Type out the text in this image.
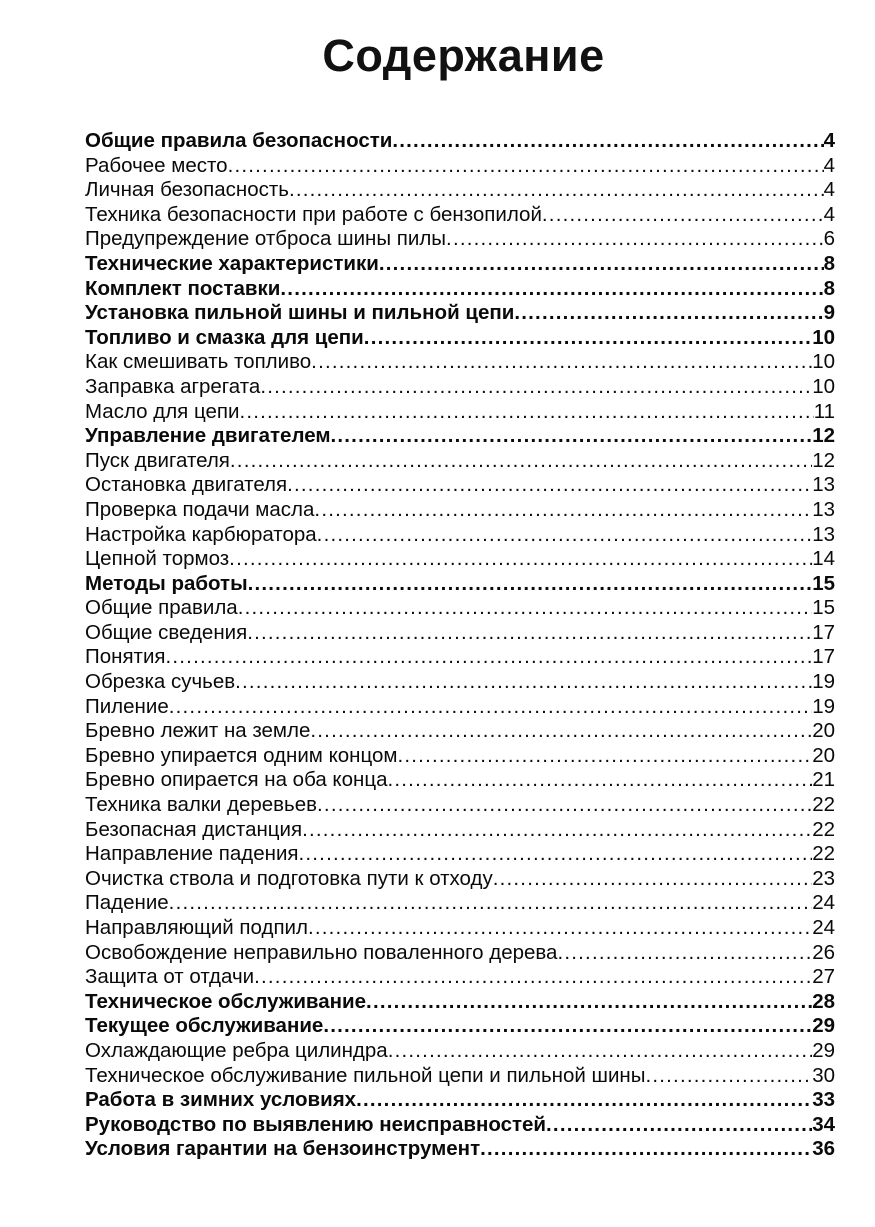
Содержание
Общие правила безопасности .....	4
Рабочее место .....	4
Личная безопасность .....	4
Техника безопасности при работе с бензопилой .....	4
Предупреждение отброса шины пилы .....	6
Технические характеристики .....	8
Комплект поставки .....	8
Установка пильной шины и пильной цепи .....	9
Топливо и смазка для цепи .....	10
Как смешивать топливо .....	10
Заправка агрегата .....	10
Масло для цепи .....	11
Управление двигателем .....	12
Пуск двигателя .....	12
Остановка двигателя .....	13
Проверка подачи масла .....	13
Настройка карбюратора .....	13
Цепной тормоз .....	14
Методы работы .....	15
Общие правила .....	15
Общие сведения .....	17
Понятия .....	17
Обрезка сучьев .....	19
Пиление .....	19
Бревно лежит на земле .....	20
Бревно упирается одним концом .....	20
Бревно опирается на оба конца .....	21
Техника валки деревьев .....	22
Безопасная дистанция .....	22
Направление падения .....	22
Очистка ствола и подготовка пути к отходу .....	23
Падение .....	24
Направляющий подпил .....	24
Освобождение неправильно поваленного дерева .....	26
Защита от отдачи .....	27
Техническое обслуживание .....	28
Текущее обслуживание .....	29
Охлаждающие ребра цилиндра .....	29
Техническое обслуживание пильной цепи и пильной шины .....	30
Работа в зимних условиях .....	33
Руководство по выявлению неисправностей .....	34
Условия гарантии на бензоинструмент .....	36
